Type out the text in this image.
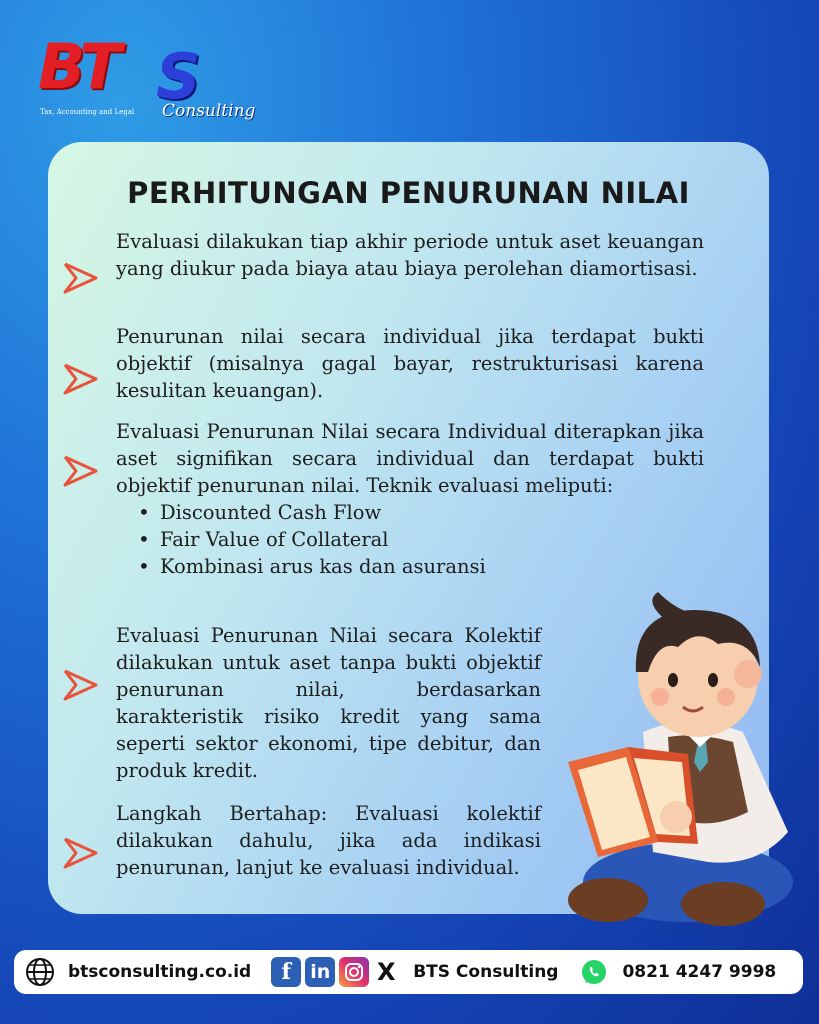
BT S
Tax, Accounting and Legal Consulting
PERHITUNGAN PENURUNAN NILAI

Evaluasi dilakukan tiap akhir periode untuk aset keuangan yang diukur pada biaya atau biaya perolehan diamortisasi.

Penurunan nilai secara individual jika terdapat bukti objektif (misalnya gagal bayar, restrukturisasi karena kesulitan keuangan).

Evaluasi Penurunan Nilai secara Individual diterapkan jika aset signifikan secara individual dan terdapat bukti objektif penurunan nilai. Teknik evaluasi meliputi:

• Discounted Cash Flow
• Fair Value of Collateral
• Kombinasi arus kas dan asuransi

Evaluasi Penurunan Nilai secara Kolektif dilakukan untuk aset tanpa bukti objektif penurunan nilai, berdasarkan karakteristik risiko kredit yang sama seperti sektor ekonomi, tipe debitur, dan produk kredit.

Langkah Bertahap: Evaluasi kolektif dilakukan dahulu, jika ada indikasi penurunan, lanjut ke evaluasi individual.

btsconsulting.co.id	f	in X	BTS Consulting	0821 4247 9998
